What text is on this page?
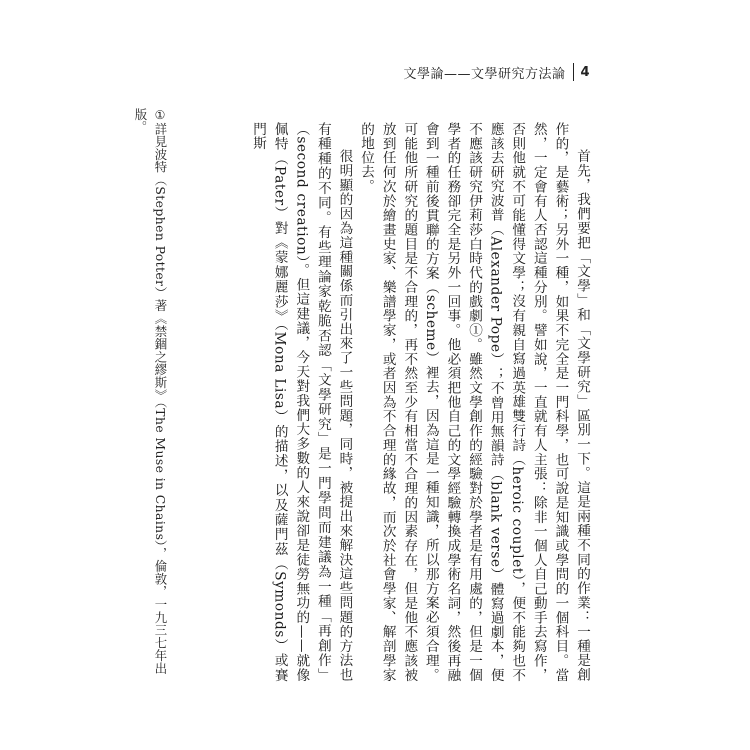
文學論——文學研究方法論 4

首先，我們要把「文學」和「文學研究」區別一下。這是兩種不同的作業：一種是創作的，是藝術；另外一種，如果不完全是一門科學，也可說是知識或學問的一個科目。當然，一定會有人否認這種分別。譬如說，一直就有人主張：除非一個人自己動手去寫作，否則他就不可能懂得文學；沒有親自寫過英雄雙行詩（heroic couplet），便不能夠也不應該去研究波普（Alexander Pope）；不曾用無韻詩（blank verse）體寫過劇本，便不應該研究伊莉莎白時代的戲劇①。雖然文學創作的經驗對於學者是有用處的，但是一個學者的任務卻完全是另外一回事。他必須把他自己的文學經驗轉換成學術名詞，然後再融會到一種前後貫聯的方案（scheme）裡去，因為這是一種知識，所以那方案必須合理。可能他所研究的題目是不合理的，再不然至少有相當不合理的因素存在，但是他不應該被放到任何次於繪畫史家、樂譜學家，或者因為不合理的緣故，而次於社會學家、解剖學家的地位去。

很明顯的因為這種關係而引出來了一些問題，同時，被提出來解決這些問題的方法也有種種的不同。有些理論家乾脆否認「文學研究」是一門學問而建議為一種「再創作」（second creation）。但這建議，今天對我們大多數的人來說卻是徒勞無功的——就像佩特（Pater）對《蒙娜麗莎》（Mona Lisa）的描述，以及薩門茲（Symonds）或賽門斯

①詳見波特（Stephen Potter）著《禁錮之繆斯》（The Muse in Chains），倫敦，一九三七年出版。
